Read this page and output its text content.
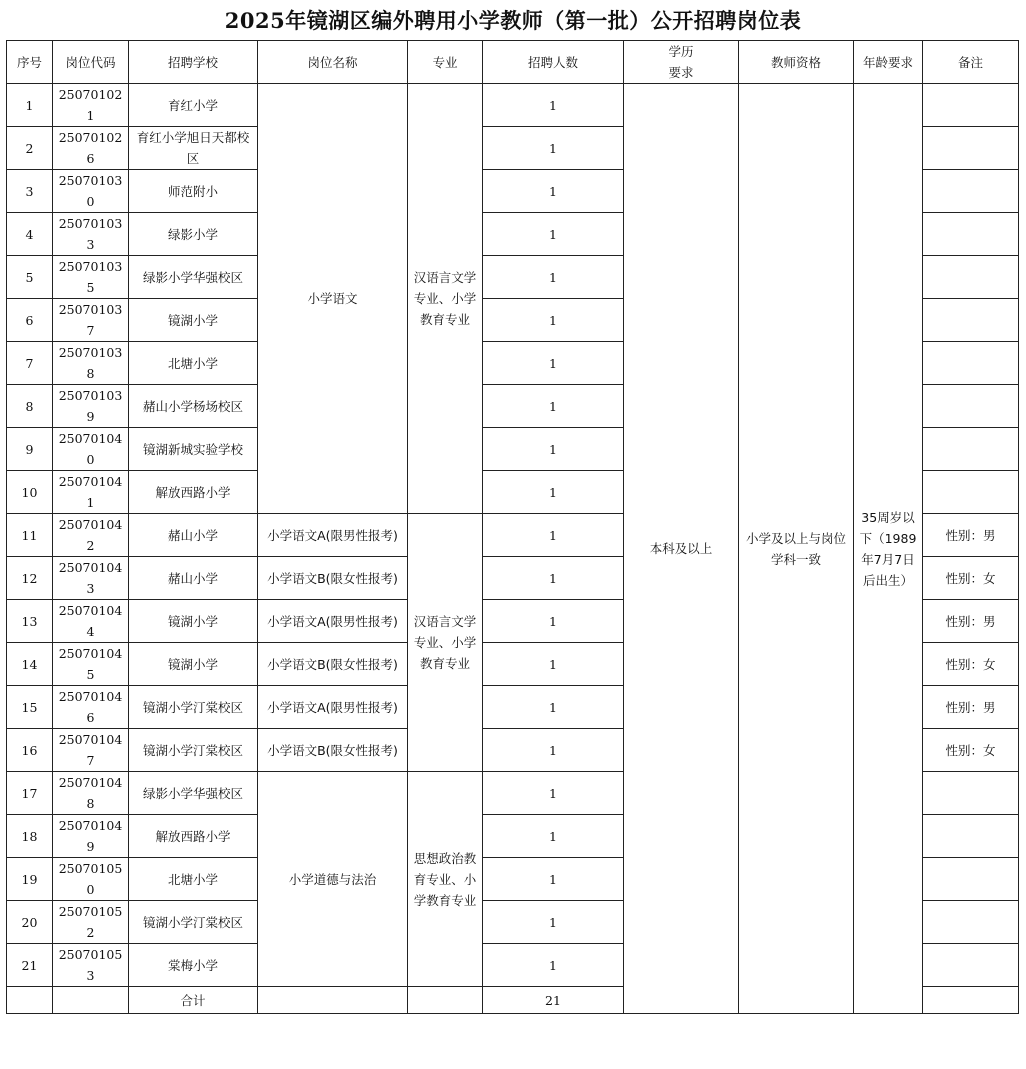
2025年镜湖区编外聘用小学教师（第一批）公开招聘岗位表
序号	岗位代码	招聘学校	岗位名称	专业	招聘人数	学历
要求	教师资格	年龄要求	备注
1	250701021	育红小学	小学语文	汉语言文学专业、小学教育专业	1	本科及以上	小学及以上与岗位学科一致	35周岁以下（1989年7月7日后出生）	
2	250701026	育红小学旭日天都校区			1				
3	250701030	师范附小			1				
4	250701033	绿影小学			1				
5	250701035	绿影小学华强校区			1				
6	250701037	镜湖小学			1				
7	250701038	北塘小学			1				
8	250701039	赭山小学杨场校区			1				
9	250701040	镜湖新城实验学校			1				
10	250701041	解放西路小学			1				
11	250701042	赭山小学	小学语文A(限男性报考)	汉语言文学专业、小学教育专业	1				性别：男
12	250701043	赭山小学	小学语文B(限女性报考)		1				性别：女
13	250701044	镜湖小学	小学语文A(限男性报考)		1				性别：男
14	250701045	镜湖小学	小学语文B(限女性报考)		1				性别：女
15	250701046	镜湖小学汀棠校区	小学语文A(限男性报考)		1				性别：男
16	250701047	镜湖小学汀棠校区	小学语文B(限女性报考)		1				性别：女
17	250701048	绿影小学华强校区	小学道德与法治	思想政治教育专业、小学教育专业	1				
18	250701049	解放西路小学			1				
19	250701050	北塘小学			1				
20	250701052	镜湖小学汀棠校区			1				
21	250701053	棠梅小学			1				
		合计			21				
